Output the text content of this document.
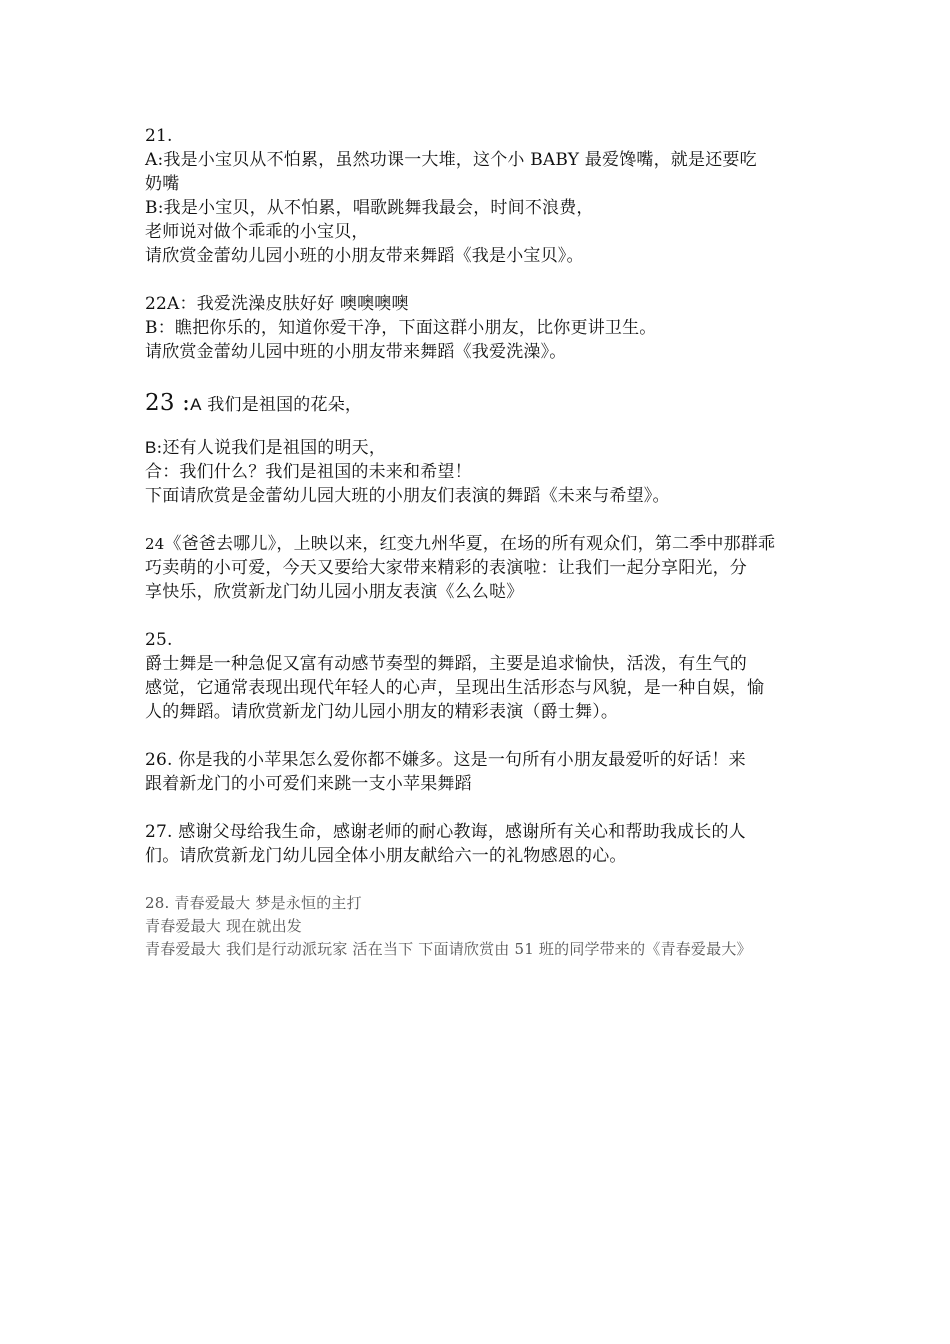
21.
A:我是小宝贝从不怕累，虽然功课一大堆，这个小 BABY 最爱馋嘴，就是还要吃
奶嘴
B:我是小宝贝，从不怕累，唱歌跳舞我最会，时间不浪费，
老师说对做个乖乖的小宝贝，
请欣赏金蕾幼儿园小班的小朋友带来舞蹈《我是小宝贝》。
22A：我爱洗澡皮肤好好 噢噢噢噢
B：瞧把你乐的，知道你爱干净，下面这群小朋友，比你更讲卫生。
请欣赏金蕾幼儿园中班的小朋友带来舞蹈《我爱洗澡》。
23 :A 我们是祖国的花朵，
B:还有人说我们是祖国的明天，
合：我们什么？我们是祖国的未来和希望！
下面请欣赏是金蕾幼儿园大班的小朋友们表演的舞蹈《未来与希望》。
24《爸爸去哪儿》，上映以来，红变九州华夏，在场的所有观众们，第二季中那群乖
巧卖萌的小可爱，今天又要给大家带来精彩的表演啦：让我们一起分享阳光，分
享快乐，欣赏新龙门幼儿园小朋友表演《么么哒》
25.
爵士舞是一种急促又富有动感节奏型的舞蹈，主要是追求愉快，活泼，有生气的
感觉，它通常表现出现代年轻人的心声，呈现出生活形态与风貌，是一种自娱，愉
人的舞蹈。请欣赏新龙门幼儿园小朋友的精彩表演（爵士舞）。
26. 你是我的小苹果怎么爱你都不嫌多。这是一句所有小朋友最爱听的好话！来
跟着新龙门的小可爱们来跳一支小苹果舞蹈
27. 感谢父母给我生命，感谢老师的耐心教诲，感谢所有关心和帮助我成长的人
们。请欣赏新龙门幼儿园全体小朋友献给六一的礼物感恩的心。
28. 青春爱最大 梦是永恒的主打
青春爱最大 现在就出发
青春爱最大 我们是行动派玩家 活在当下 下面请欣赏由 51 班的同学带来的《青春爱最大》
